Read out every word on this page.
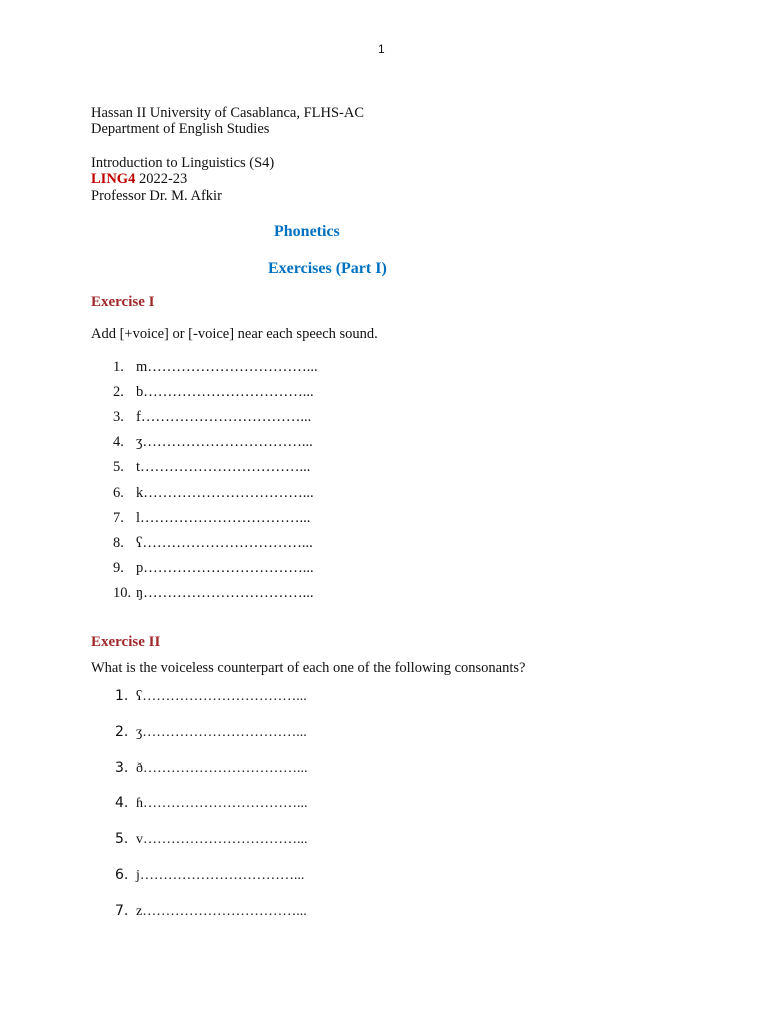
1
Hassan II University of Casablanca, FLHS-AC
Department of English Studies
Introduction to Linguistics (S4)
LING4 2022-23
Professor Dr. M. Afkir
Phonetics
Exercises (Part I)
Exercise I
Add [+voice] or [-voice] near each speech sound.
1. m……………………………...
2. b……………………………...
3. f……………………………...
4. ʒ……………………………...
5. t……………………………...
6. k……………………………...
7. l……………………………...
8. ʕ……………………………...
9. p……………………………...
10. ŋ……………………………...
Exercise II
What is the voiceless counterpart of each one of the following consonants?
1. ʕ……………………………...
2. ʒ……………………………...
3. ð……………………………...
4. ɦ……………………………...
5. v……………………………...
6. j……………………………...
7. z……………………………...
